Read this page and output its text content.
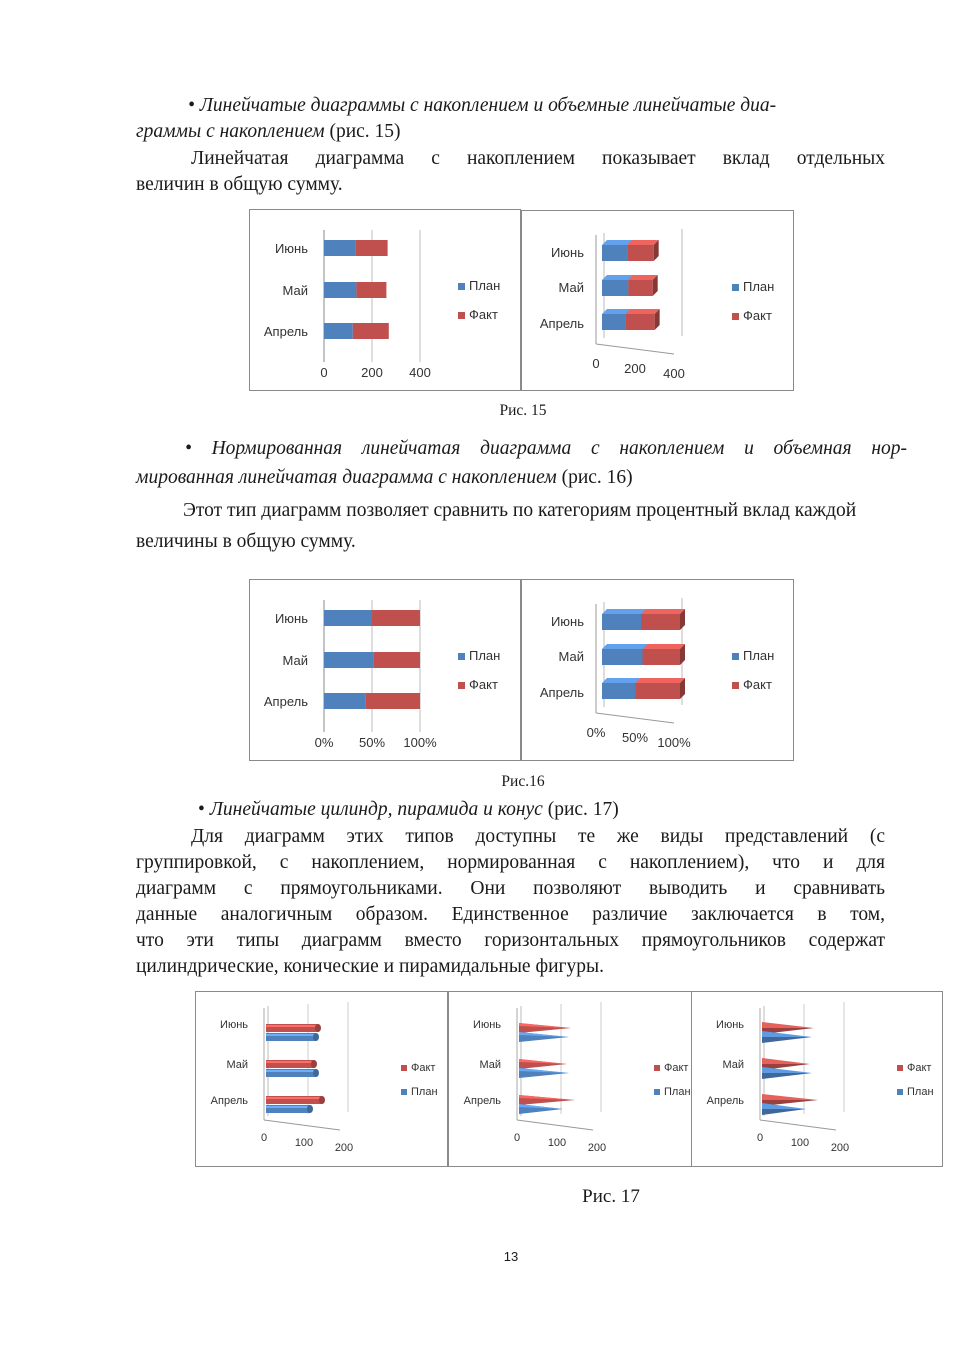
• Линейчатые диаграммы с накоплением и объемные линейчатые диа-
граммы с накоплением (рис. 15)
Линейчатая диаграмма с накоплением показывает вклад отдельных
величин в общую сумму.
0	200 400
Июнь
Май
Апрель
План
Факт
0 200 400
Июнь
Май
Апрель
План
Факт
Рис. 15
• Нормированная линейчатая диаграмма с накоплением и объемная нор-
мированная линейчатая диаграмма с накоплением (рис. 16)
Этот тип диаграмм позволяет сравнить по категориям процентный вклад каждой
величины в общую сумму.
0% 50% 100%
Июнь
Май
Апрель
План
Факт
0% 50% 100%
Июнь
Май
Апрель
План
Факт
Рис.16
• Линейчатые цилиндр, пирамида и конус (рис. 17)
Для диаграмм этих типов доступны те же виды представлений (с
группировкой, с накоплением, нормированная с накоплением), что и для
диаграмм с прямоугольниками. Они позволяют выводить и сравнивать
данные аналогичным образом. Единственное различие заключается в том,
что эти типы диаграмм вместо горизонтальных прямоугольников содержат
цилиндрические, конические и пирамидальные фигуры.
0	100 200
Июнь
Май
Апрель
Факт
План
0	100 200
Июнь
Май
Апрель
Факт
План
0	100 200
Июнь
Май
Апрель
Факт
План
Рис. 17
13
